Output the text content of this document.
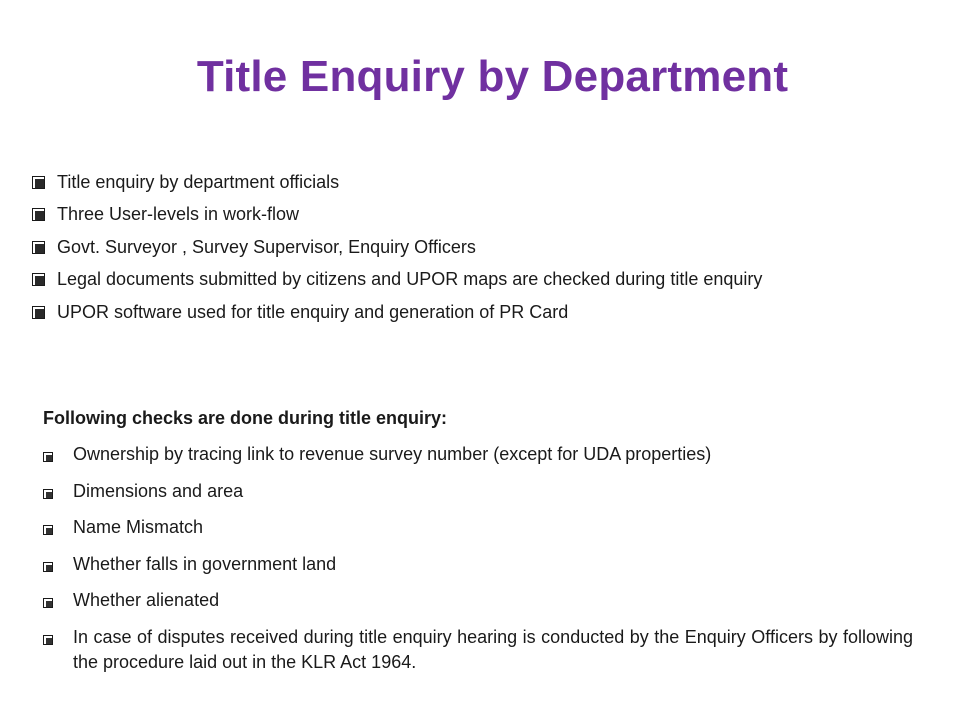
Title Enquiry by Department
Title enquiry by department officials
Three User-levels in work-flow
Govt. Surveyor , Survey Supervisor, Enquiry Officers
Legal documents submitted by citizens and UPOR maps are checked during title enquiry
UPOR software used for title enquiry and generation of PR Card
Following checks are done during title enquiry:
Ownership by tracing link to revenue survey number (except for UDA properties)
Dimensions and area
Name Mismatch
Whether falls in government land
Whether alienated
In case of disputes received during title enquiry hearing is conducted by the Enquiry Officers by following the procedure laid out in the KLR Act 1964.
